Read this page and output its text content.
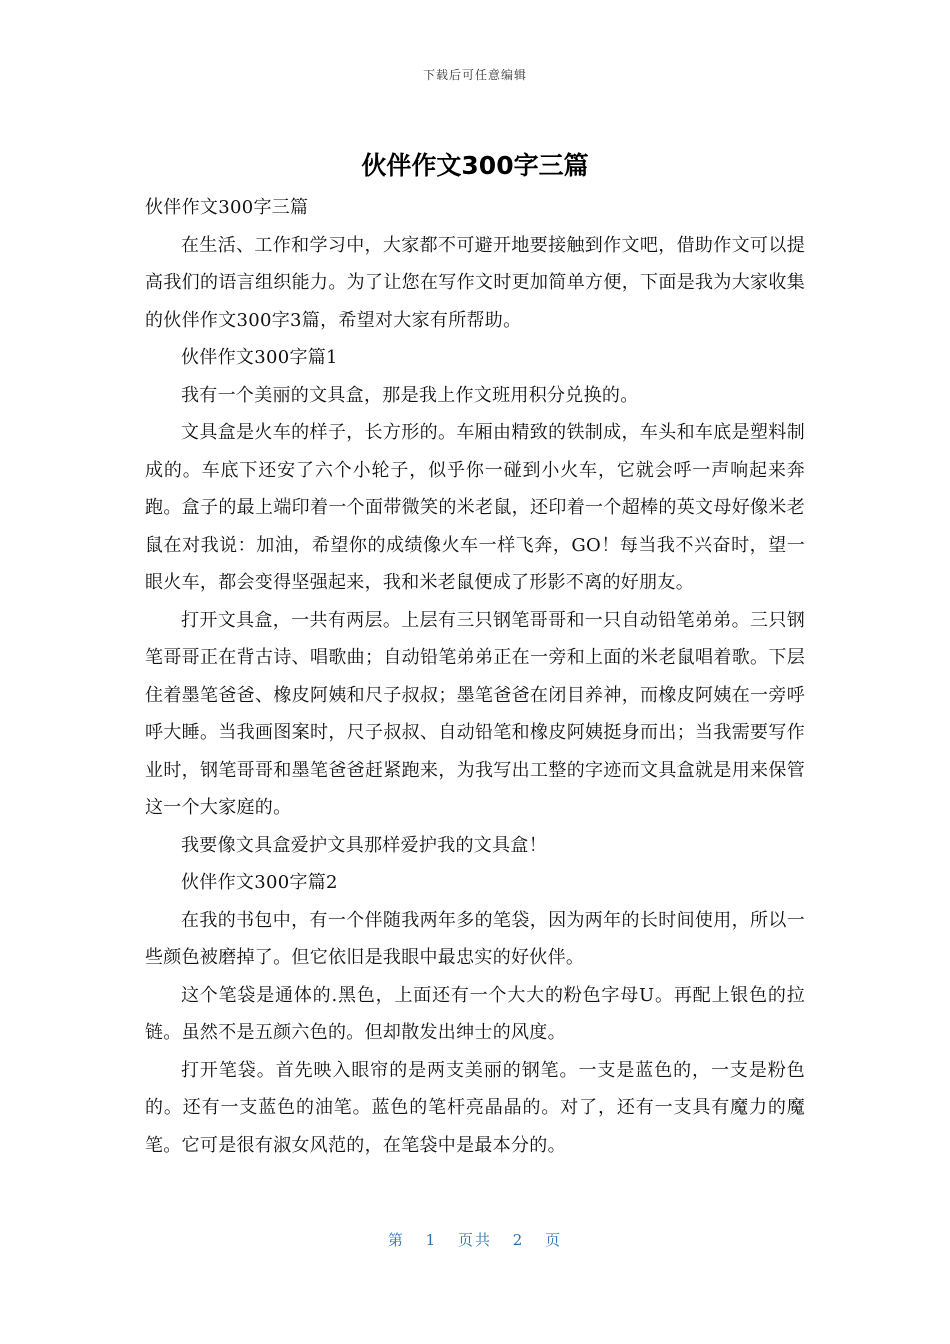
下载后可任意编辑
伙伴作文300字三篇

伙伴作文300字三篇

在生活、工作和学习中，大家都不可避开地要接触到作文吧，借助作文可以提高我们的语言组织能力。为了让您在写作文时更加简单方便，下面是我为大家收集的伙伴作文300字3篇，希望对大家有所帮助。

伙伴作文300字篇1

我有一个美丽的文具盒，那是我上作文班用积分兑换的。

文具盒是火车的样子，长方形的。车厢由精致的铁制成，车头和车底是塑料制成的。车底下还安了六个小轮子，似乎你一碰到小火车，它就会呼一声响起来奔跑。盒子的最上端印着一个面带微笑的米老鼠，还印着一个超棒的英文母好像米老鼠在对我说：加油，希望你的成绩像火车一样飞奔，GO！每当我不兴奋时，望一眼火车，都会变得坚强起来，我和米老鼠便成了形影不离的好朋友。

打开文具盒，一共有两层。上层有三只钢笔哥哥和一只自动铅笔弟弟。三只钢笔哥哥正在背古诗、唱歌曲；自动铅笔弟弟正在一旁和上面的米老鼠唱着歌。下层住着墨笔爸爸、橡皮阿姨和尺子叔叔；墨笔爸爸在闭目养神，而橡皮阿姨在一旁呼呼大睡。当我画图案时，尺子叔叔、自动铅笔和橡皮阿姨挺身而出；当我需要写作业时，钢笔哥哥和墨笔爸爸赶紧跑来，为我写出工整的字迹而文具盒就是用来保管这一个大家庭的。

我要像文具盒爱护文具那样爱护我的文具盒！

伙伴作文300字篇2

在我的书包中，有一个伴随我两年多的笔袋，因为两年的长时间使用，所以一些颜色被磨掉了。但它依旧是我眼中最忠实的好伙伴。

这个笔袋是通体的.黑色，上面还有一个大大的粉色字母U。再配上银色的拉链。虽然不是五颜六色的。但却散发出绅士的风度。

打开笔袋。首先映入眼帘的是两支美丽的钢笔。一支是蓝色的，一支是粉色的。还有一支蓝色的油笔。蓝色的笔杆亮晶晶的。对了，还有一支具有魔力的魔笔。它可是很有淑女风范的，在笔袋中是最本分的。

第 1 页共 2 页
